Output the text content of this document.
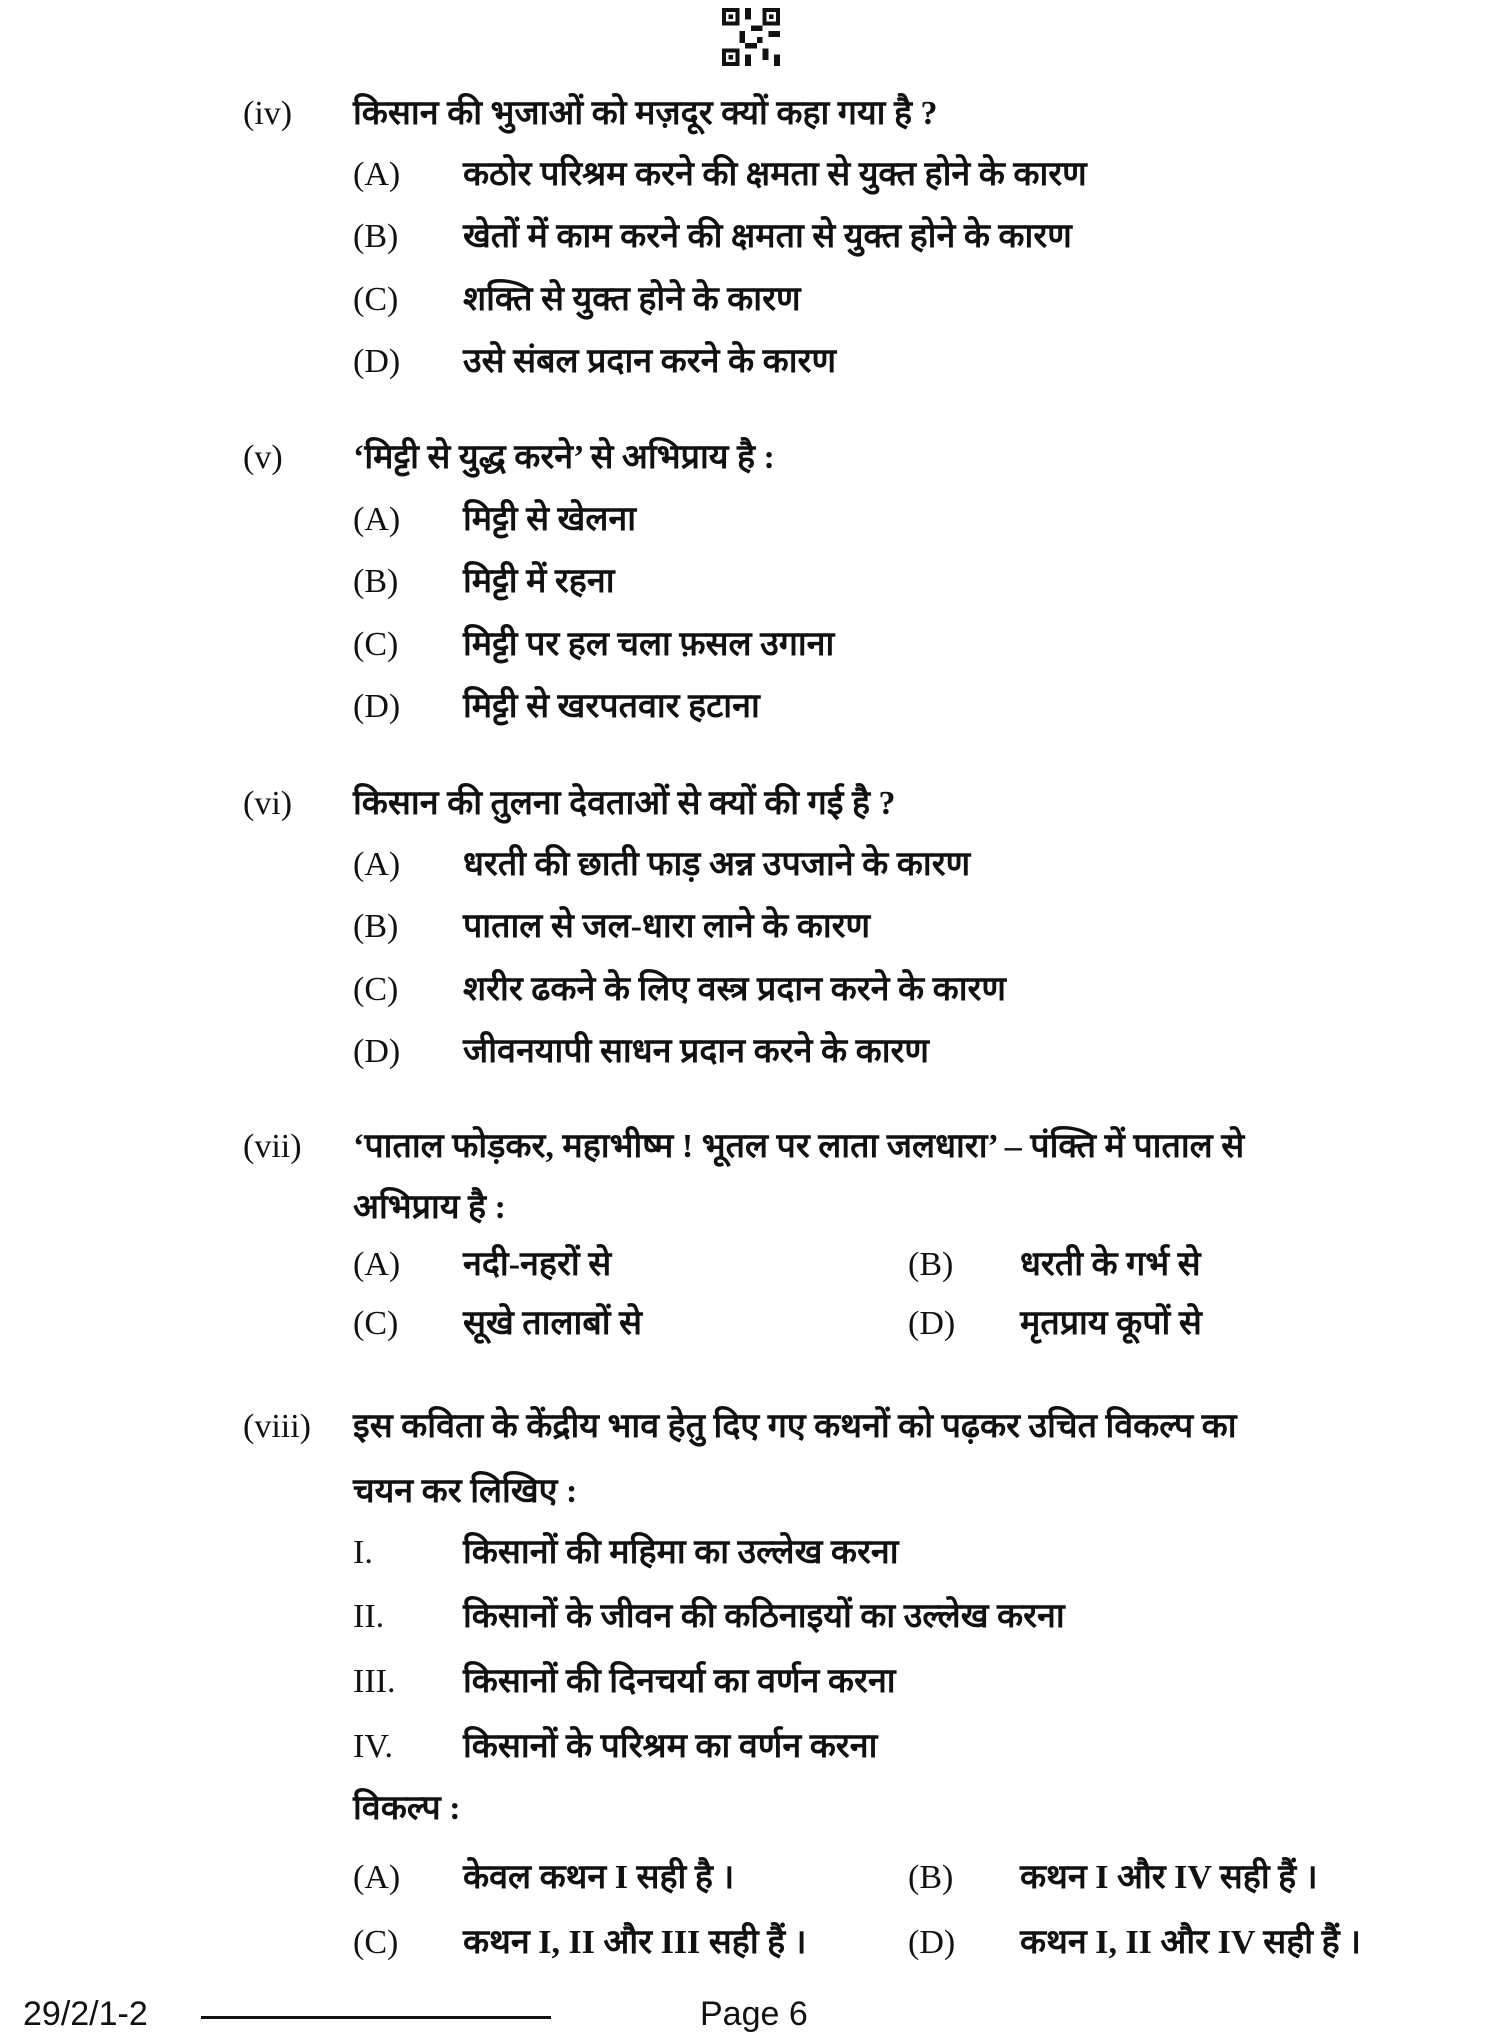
(iv) किसान की भुजाओं को मज़दूर क्यों कहा गया है ?
(A) कठोर परिश्रम करने की क्षमता से युक्त होने के कारण
(B) खेतों में काम करने की क्षमता से युक्त होने के कारण
(C) शक्ति से युक्त होने के कारण
(D) उसे संबल प्रदान करने के कारण
(v) ‘मिट्टी से युद्ध करने’ से अभिप्राय है :
(A) मिट्टी से खेलना
(B) मिट्टी में रहना
(C) मिट्टी पर हल चला फ़सल उगाना
(D) मिट्टी से खरपतवार हटाना
(vi) किसान की तुलना देवताओं से क्यों की गई है ?
(A) धरती की छाती फाड़ अन्न उपजाने के कारण
(B) पाताल से जल-धारा लाने के कारण
(C) शरीर ढकने के लिए वस्त्र प्रदान करने के कारण
(D) जीवनयापी साधन प्रदान करने के कारण
(vii) ‘पाताल फोड़कर, महाभीष्म ! भूतल पर लाता जलधारा’ – पंक्ति में पाताल से
अभिप्राय है :
(A) नदी-नहरों से	(B) धरती के गर्भ से
(C) सूखे तालाबों से	(D) मृतप्राय कूपों से
(viii) इस कविता के केंद्रीय भाव हेतु दिए गए कथनों को पढ़कर उचित विकल्प का
चयन कर लिखिए :
I.	किसानों की महिमा का उल्लेख करना
II. किसानों के जीवन की कठिनाइयों का उल्लेख करना
III. किसानों की दिनचर्या का वर्णन करना
IV. किसानों के परिश्रम का वर्णन करना
विकल्प :
(A) केवल कथन I सही है ।	(B) कथन I और IV सही हैं ।
(C) कथन I, II और III सही हैं ।	(D) कथन I, II और IV सही हैं ।
29/2/1-2	Page 6
